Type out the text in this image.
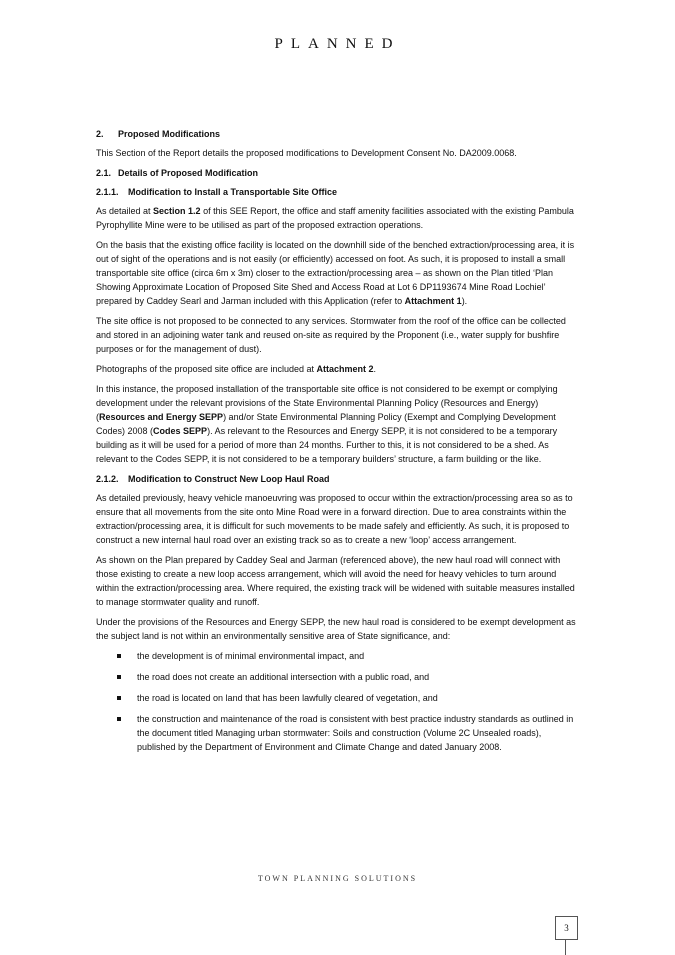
PLANNED
2. Proposed Modifications
This Section of the Report details the proposed modifications to Development Consent No. DA2009.0068.
2.1. Details of Proposed Modification
2.1.1. Modification to Install a Transportable Site Office
As detailed at Section 1.2 of this SEE Report, the office and staff amenity facilities associated with the existing Pambula Pyrophyllite Mine were to be utilised as part of the proposed extraction operations.
On the basis that the existing office facility is located on the downhill side of the benched extraction/processing area, it is out of sight of the operations and is not easily (or efficiently) accessed on foot. As such, it is proposed to install a small transportable site office (circa 6m x 3m) closer to the extraction/processing area – as shown on the Plan titled ‘Plan Showing Approximate Location of Proposed Site Shed and Access Road at Lot 6 DP1193674 Mine Road Lochiel’ prepared by Caddey Searl and Jarman included with this Application (refer to Attachment 1).
The site office is not proposed to be connected to any services. Stormwater from the roof of the office can be collected and stored in an adjoining water tank and reused on-site as required by the Proponent (i.e., water supply for bushfire purposes or for the management of dust).
Photographs of the proposed site office are included at Attachment 2.
In this instance, the proposed installation of the transportable site office is not considered to be exempt or complying development under the relevant provisions of the State Environmental Planning Policy (Resources and Energy) (Resources and Energy SEPP) and/or State Environmental Planning Policy (Exempt and Complying Development Codes) 2008 (Codes SEPP). As relevant to the Resources and Energy SEPP, it is not considered to be a temporary building as it will be used for a period of more than 24 months. Further to this, it is not considered to be a shed. As relevant to the Codes SEPP, it is not considered to be a temporary builders’ structure, a farm building or the like.
2.1.2. Modification to Construct New Loop Haul Road
As detailed previously, heavy vehicle manoeuvring was proposed to occur within the extraction/processing area so as to ensure that all movements from the site onto Mine Road were in a forward direction. Due to area constraints within the extraction/processing area, it is difficult for such movements to be made safely and efficiently. As such, it is proposed to construct a new internal haul road over an existing track so as to create a new ‘loop’ access arrangement.
As shown on the Plan prepared by Caddey Seal and Jarman (referenced above), the new haul road will connect with those existing to create a new loop access arrangement, which will avoid the need for heavy vehicles to turn around within the extraction/processing area. Where required, the existing track will be widened with suitable measures installed to manage stormwater quality and runoff.
Under the provisions of the Resources and Energy SEPP, the new haul road is considered to be exempt development as the subject land is not within an environmentally sensitive area of State significance, and:
the development is of minimal environmental impact, and
the road does not create an additional intersection with a public road, and
the road is located on land that has been lawfully cleared of vegetation, and
the construction and maintenance of the road is consistent with best practice industry standards as outlined in the document titled Managing urban stormwater: Soils and construction (Volume 2C Unsealed roads), published by the Department of Environment and Climate Change and dated January 2008.
TOWN PLANNING SOLUTIONS
3
